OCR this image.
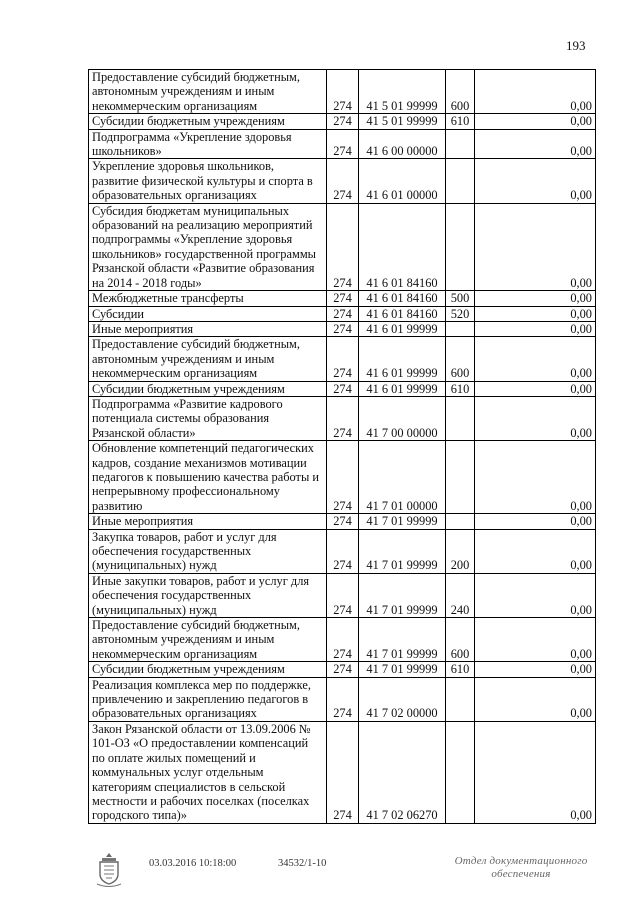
193
Предоставление субсидий бюджетным, автономным учреждениям и иным некоммерческим организациям	274	41 5 01 99999	600	0,00
Субсидии бюджетным учреждениям	274	41 5 01 99999	610	0,00
Подпрограмма «Укрепление здоровья школьников»	274	41 6 00 00000		0,00
Укрепление здоровья школьников, развитие физической культуры и спорта в образовательных организациях	274	41 6 01 00000		0,00
Субсидия бюджетам муниципальных образований на реализацию мероприятий подпрограммы «Укрепление здоровья школьников» государственной программы Рязанской области «Развитие образования на 2014 - 2018 годы»	274	41 6 01 84160		0,00
Межбюджетные трансферты	274	41 6 01 84160	500	0,00
Субсидии	274	41 6 01 84160	520	0,00
Иные мероприятия	274	41 6 01 99999		0,00
Предоставление субсидий бюджетным, автономным учреждениям и иным некоммерческим организациям	274	41 6 01 99999	600	0,00
Субсидии бюджетным учреждениям	274	41 6 01 99999	610	0,00
Подпрограмма «Развитие кадрового потенциала системы образования Рязанской области»	274	41 7 00 00000		0,00
Обновление компетенций педагогических кадров, создание механизмов мотивации педагогов к повышению качества работы и непрерывному профессиональному развитию	274	41 7 01 00000		0,00
Иные мероприятия	274	41 7 01 99999		0,00
Закупка товаров, работ и услуг для обеспечения государственных (муниципальных) нужд	274	41 7 01 99999	200	0,00
Иные закупки товаров, работ и услуг для обеспечения государственных (муниципальных) нужд	274	41 7 01 99999	240	0,00
Предоставление субсидий бюджетным, автономным учреждениям и иным некоммерческим организациям	274	41 7 01 99999	600	0,00
Субсидии бюджетным учреждениям	274	41 7 01 99999	610	0,00
Реализация комплекса мер по поддержке, привлечению и закреплению педагогов в образовательных организациях	274	41 7 02 00000		0,00
Закон Рязанской области от 13.09.2006 № 101-ОЗ «О предоставлении компенсаций по оплате жилых помещений и коммунальных услуг отдельным категориям специалистов в сельской местности и рабочих поселках (поселках городского типа)»	274	41 7 02 06270		0,00
03.03.2016 10:18:00	34532/1-10	Отдел документационного обеспечения
